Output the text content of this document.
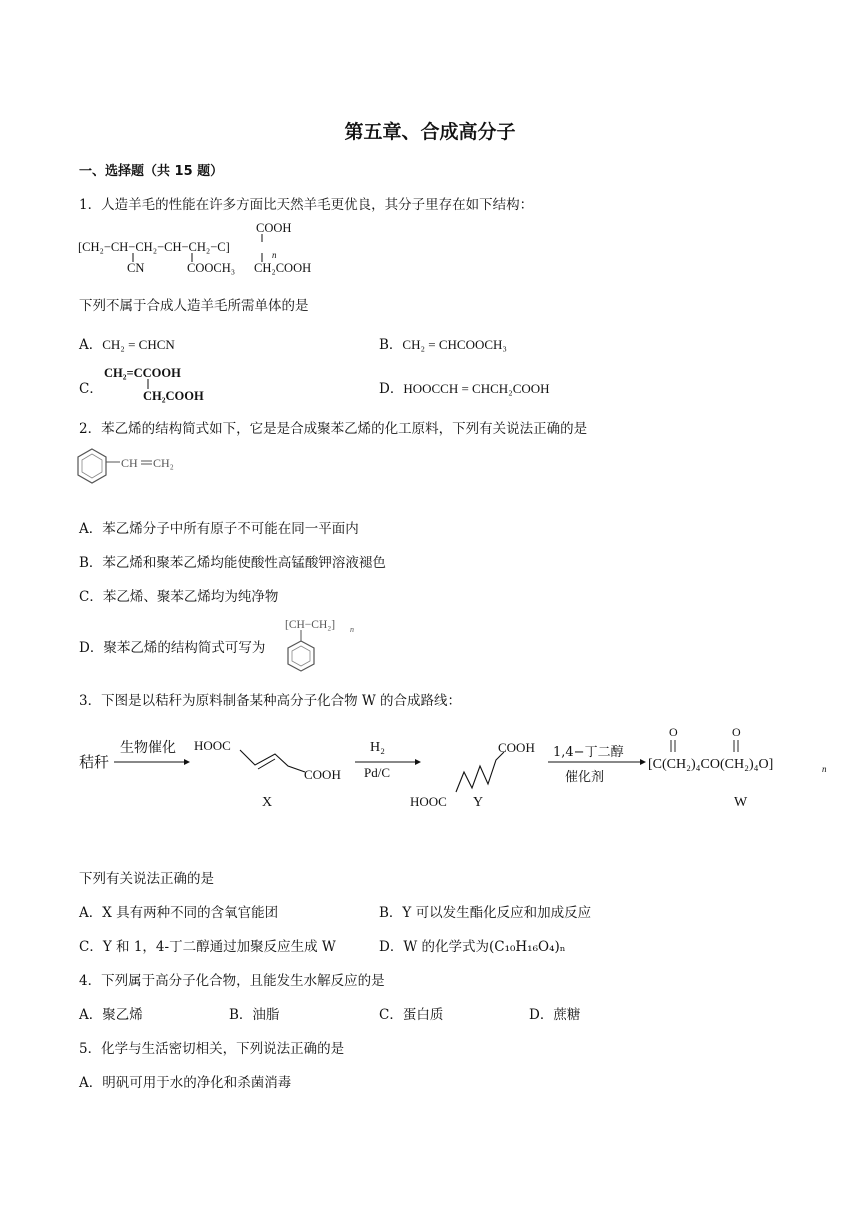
第五章、合成高分子
一、选择题（共 15 题）
1．人造羊毛的性能在许多方面比天然羊毛更优良，其分子里存在如下结构：
[CH₂−CH−CH₂−CH−CH₂−C]
n
CN	COOCH₃ CH₂COOH
COOH
下列不属于合成人造羊毛所需单体的是
A．CH₂ = CHCN	B．CH₂ = CHCOOCH₃
C．
CH₂=CCOOH
CH₂COOH	D．HOOCCH = CHCH₂COOH
2．苯乙烯的结构简式如下，它是是合成聚苯乙烯的化工原料，下列有关说法正确的是
CH CH₂
A．苯乙烯分子中所有原子不可能在同一平面内
B．苯乙烯和聚苯乙烯均能使酸性高锰酸钾溶液褪色
C．苯乙烯、聚苯乙烯均为纯净物
D．聚苯乙烯的结构简式可写为
[CH−CH₂] n
3．下图是以秸秆为原料制备某种高分子化合物 W 的合成路线：
秸秆
生物催化 HOOC
COOH
HOOC
COOH
[C(CH₂)₄CO(CH₂)₄O]	n
O	O
H₂
Pd/C
1,4−丁二醇
催化剂
X	Y	W
下列有关说法正确的是
A．X 具有两种不同的含氧官能团	B．Y 可以发生酯化反应和加成反应
C．Y 和 1，4-丁二醇通过加聚反应生成 W	D．W 的化学式为(C₁₀H₁₆O₄)ₙ
4．下列属于高分子化合物，且能发生水解反应的是
A．聚乙烯	B．油脂	C．蛋白质	D．蔗糖
5．化学与生活密切相关，下列说法正确的是
A．明矾可用于水的净化和杀菌消毒
